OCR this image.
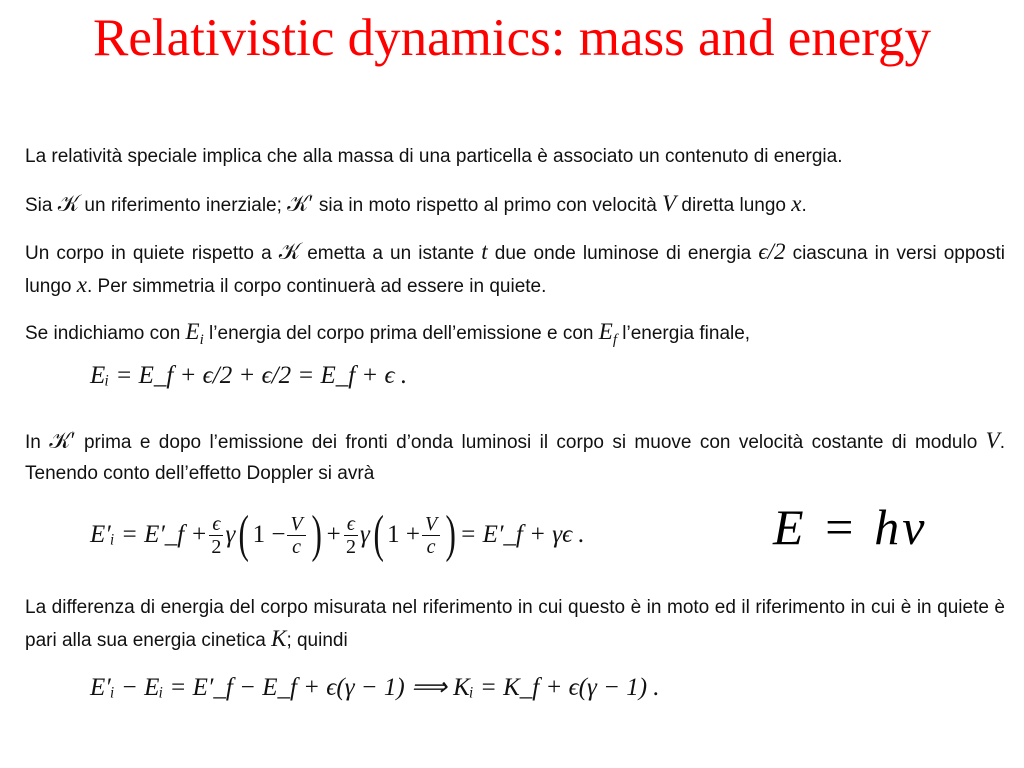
Relativistic dynamics: mass and energy
La relatività speciale implica che alla massa di una particella è associato un contenuto di energia.
Sia 𝒦 un riferimento inerziale; 𝒦′ sia in moto rispetto al primo con velocità V diretta lungo x.
Un corpo in quiete rispetto a 𝒦 emetta a un istante t due onde luminose di energia ϵ/2 ciascuna in versi opposti lungo x. Per simmetria il corpo continuerà ad essere in quiete.
Se indichiamo con $E_i$ l’energia del corpo prima dell’emissione e con $E_f$ l’energia finale,
Eᵢ = E_f + ϵ/2 + ϵ/2 = E_f + ϵ .
In 𝒦′ prima e dopo l’emissione dei fronti d’onda luminosi il corpo si muove con velocità costante di modulo V. Tenendo conto dell’effetto Doppler si avrà
E′ᵢ = E′_f + $\frac{\epsilon}{2}$ γ ( $1 - \frac{V}{c}$ ) + $\frac{\epsilon}{2}$ γ ( $1 + \frac{V}{c}$ ) = E′_f + γϵ .	E = hν
La differenza di energia del corpo misurata nel riferimento in cui questo è in moto ed il riferimento in cui è in quiete è pari alla sua energia cinetica K; quindi
E′ᵢ − Eᵢ = E′_f − E_f + ϵ(γ − 1) ⟹ Kᵢ = K_f + ϵ(γ − 1) .
